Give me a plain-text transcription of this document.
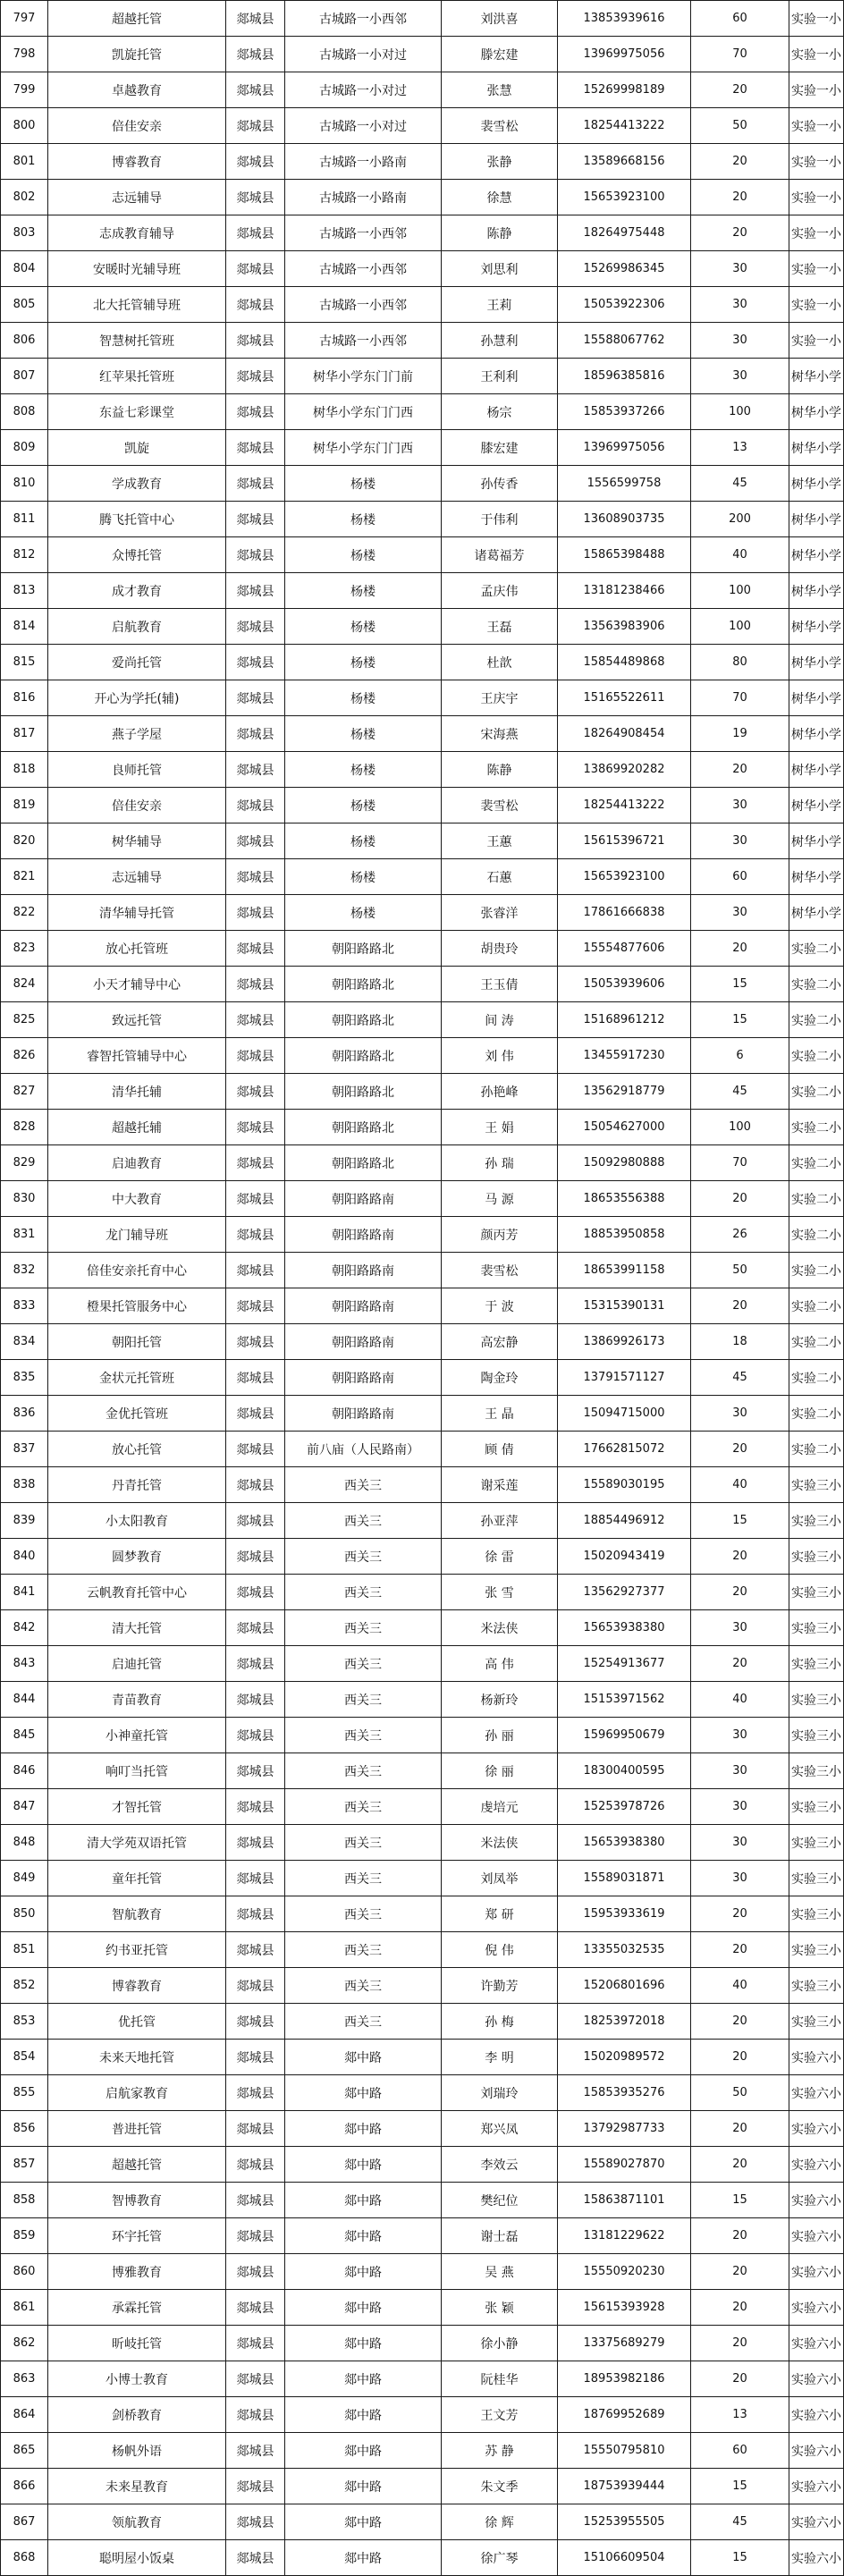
797	超越托管	郯城县	古城路一小西邻	刘洪喜	13853939616	60	实验一小
798	凯旋托管	郯城县	古城路一小对过	滕宏建	13969975056	70	实验一小
799	卓越教育	郯城县	古城路一小对过	张慧	15269998189	20	实验一小
800	倍佳安亲	郯城县	古城路一小对过	裴雪松	18254413222	50	实验一小
801	博睿教育	郯城县	古城路一小路南	张静	13589668156	20	实验一小
802	志远辅导	郯城县	古城路一小路南	徐慧	15653923100	20	实验一小
803	志成教育辅导	郯城县	古城路一小西邻	陈静	18264975448	20	实验一小
804	安暖时光辅导班	郯城县	古城路一小西邻	刘思利	15269986345	30	实验一小
805	北大托管辅导班	郯城县	古城路一小西邻	王莉	15053922306	30	实验一小
806	智慧树托管班	郯城县	古城路一小西邻	孙慧利	15588067762	30	实验一小
807	红苹果托管班	郯城县	树华小学东门门前	王利利	18596385816	30	树华小学
808	东益七彩课堂	郯城县	树华小学东门门西	杨宗	15853937266	100	树华小学
809	凯旋	郯城县	树华小学东门门西	膝宏建	13969975056	13	树华小学
810	学成教育	郯城县	杨楼	孙传香	1556599758	45	树华小学
811	腾飞托管中心	郯城县	杨楼	于伟利	13608903735	200	树华小学
812	众博托管	郯城县	杨楼	诸葛福芳	15865398488	40	树华小学
813	成才教育	郯城县	杨楼	孟庆伟	13181238466	100	树华小学
814	启航教育	郯城县	杨楼	王磊	13563983906	100	树华小学
815	爱尚托管	郯城县	杨楼	杜歆	15854489868	80	树华小学
816	开心为学托(辅)	郯城县	杨楼	王庆宇	15165522611	70	树华小学
817	燕子学屋	郯城县	杨楼	宋海燕	18264908454	19	树华小学
818	良师托管	郯城县	杨楼	陈静	13869920282	20	树华小学
819	倍佳安亲	郯城县	杨楼	裴雪松	18254413222	30	树华小学
820	树华辅导	郯城县	杨楼	王蕙	15615396721	30	树华小学
821	志远辅导	郯城县	杨楼	石蕙	15653923100	60	树华小学
822	清华辅导托管	郯城县	杨楼	张睿洋	17861666838	30	树华小学
823	放心托管班	郯城县	朝阳路路北	胡贵玲	15554877606	20	实验二小
824	小天才辅导中心	郯城县	朝阳路路北	王玉倩	15053939606	15	实验二小
825	致远托管	郯城县	朝阳路路北	间 涛	15168961212	15	实验二小
826	睿智托管辅导中心	郯城县	朝阳路路北	刘 伟	13455917230	6	实验二小
827	清华托辅	郯城县	朝阳路路北	孙艳峰	13562918779	45	实验二小
828	超越托辅	郯城县	朝阳路路北	王 娟	15054627000	100	实验二小
829	启迪教育	郯城县	朝阳路路北	孙 瑞	15092980888	70	实验二小
830	中大教育	郯城县	朝阳路路南	马 源	18653556388	20	实验二小
831	龙门辅导班	郯城县	朝阳路路南	颜丙芳	18853950858	26	实验二小
832	倍佳安亲托育中心	郯城县	朝阳路路南	裴雪松	18653991158	50	实验二小
833	橙果托管服务中心	郯城县	朝阳路路南	于 波	15315390131	20	实验二小
834	朝阳托管	郯城县	朝阳路路南	高宏静	13869926173	18	实验二小
835	金状元托管班	郯城县	朝阳路路南	陶金玲	13791571127	45	实验二小
836	金优托管班	郯城县	朝阳路路南	王 晶	15094715000	30	实验二小
837	放心托管	郯城县	前八庙（人民路南）	顾 倩	17662815072	20	实验二小
838	丹青托管	郯城县	西关三	谢采莲	15589030195	40	实验三小
839	小太阳教育	郯城县	西关三	孙亚萍	18854496912	15	实验三小
840	圆梦教育	郯城县	西关三	徐 雷	15020943419	20	实验三小
841	云帆教育托管中心	郯城县	西关三	张 雪	13562927377	20	实验三小
842	清大托管	郯城县	西关三	米法侠	15653938380	30	实验三小
843	启迪托管	郯城县	西关三	高 伟	15254913677	20	实验三小
844	青苗教育	郯城县	西关三	杨新玲	15153971562	40	实验三小
845	小神童托管	郯城县	西关三	孙 丽	15969950679	30	实验三小
846	响叮当托管	郯城县	西关三	徐 丽	18300400595	30	实验三小
847	才智托管	郯城县	西关三	虔培元	15253978726	30	实验三小
848	清大学苑双语托管	郯城县	西关三	米法侠	15653938380	30	实验三小
849	童年托管	郯城县	西关三	刘凤举	15589031871	30	实验三小
850	智航教育	郯城县	西关三	郑 研	15953933619	20	实验三小
851	约书亚托管	郯城县	西关三	倪 伟	13355032535	20	实验三小
852	博睿教育	郯城县	西关三	许勤芳	15206801696	40	实验三小
853	优托管	郯城县	西关三	孙 梅	18253972018	20	实验三小
854	未来天地托管	郯城县	郯中路	李 明	15020989572	20	实验六小
855	启航家教育	郯城县	郯中路	刘瑞玲	15853935276	50	实验六小
856	普进托管	郯城县	郯中路	郑兴凤	13792987733	20	实验六小
857	超越托管	郯城县	郯中路	李效云	15589027870	20	实验六小
858	智博教育	郯城县	郯中路	樊纪位	15863871101	15	实验六小
859	环宇托管	郯城县	郯中路	谢士磊	13181229622	20	实验六小
860	博雅教育	郯城县	郯中路	吴 燕	15550920230	20	实验六小
861	承霖托管	郯城县	郯中路	张 颖	15615393928	20	实验六小
862	昕岐托管	郯城县	郯中路	徐小静	13375689279	20	实验六小
863	小博士教育	郯城县	郯中路	阮桂华	18953982186	20	实验六小
864	剑桥教育	郯城县	郯中路	王文芳	18769952689	13	实验六小
865	杨帆外语	郯城县	郯中路	苏 静	15550795810	60	实验六小
866	未来星教育	郯城县	郯中路	朱文季	18753939444	15	实验六小
867	领航教育	郯城县	郯中路	徐 辉	15253955505	45	实验六小
868	聪明屋小饭桌	郯城县	郯中路	徐广琴	15106609504	15	实验六小
